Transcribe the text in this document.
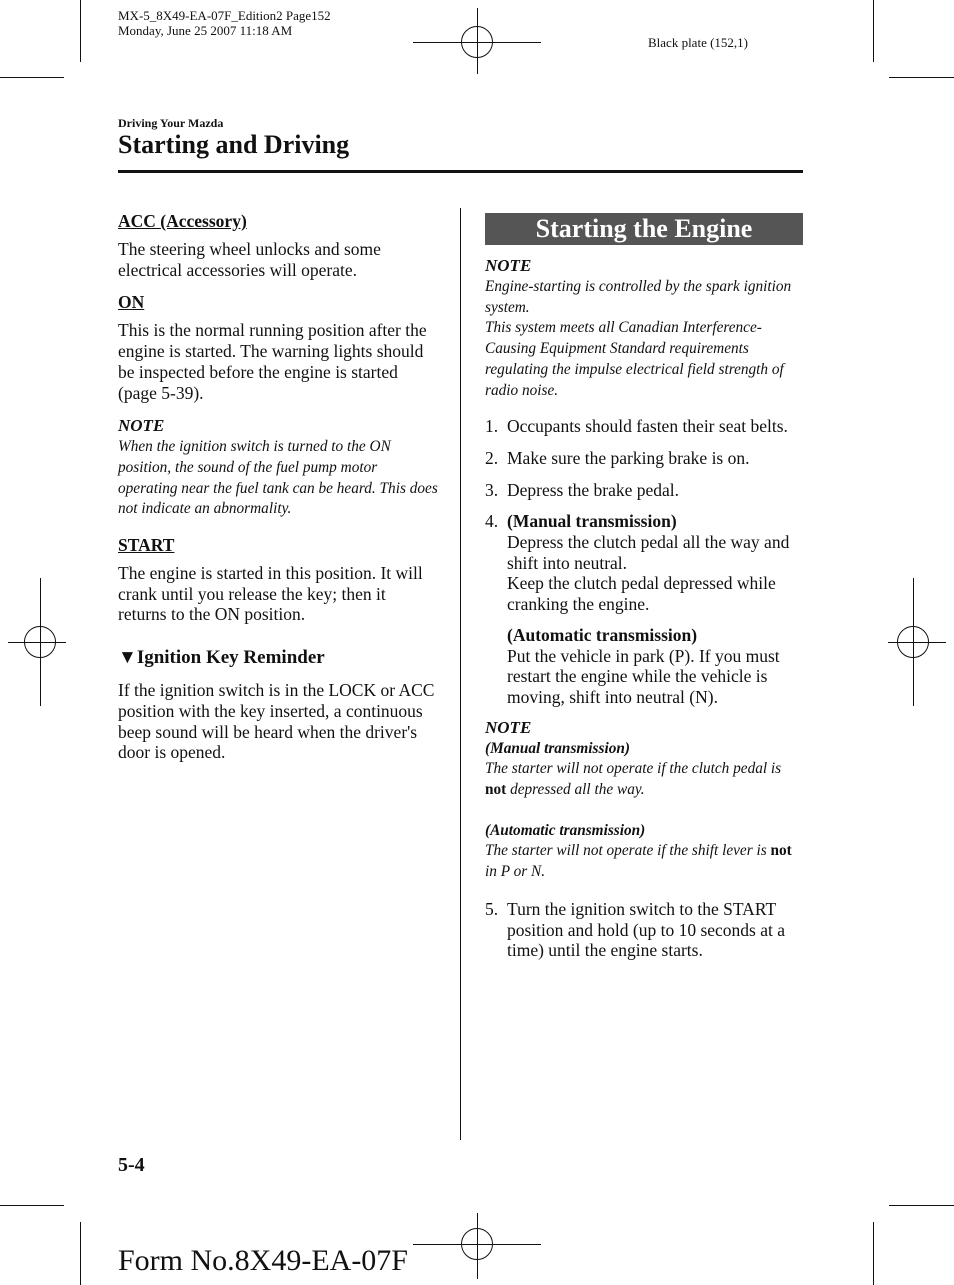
MX-5_8X49-EA-07F_Edition2 Page152
Monday, June 25 2007 11:18 AM
Black plate (152,1)
Driving Your Mazda
Starting and Driving
ACC (Accessory)
The steering wheel unlocks and some electrical accessories will operate.
ON
This is the normal running position after the engine is started. The warning lights should be inspected before the engine is started (page 5-39).
NOTE
When the ignition switch is turned to the ON position, the sound of the fuel pump motor operating near the fuel tank can be heard. This does not indicate an abnormality.
START
The engine is started in this position. It will crank until you release the key; then it returns to the ON position.
▼Ignition Key Reminder
If the ignition switch is in the LOCK or ACC position with the key inserted, a continuous beep sound will be heard when the driver's door is opened.
Starting the Engine
NOTE
Engine-starting is controlled by the spark ignition system.
This system meets all Canadian Interference-Causing Equipment Standard requirements regulating the impulse electrical field strength of radio noise.
1. Occupants should fasten their seat belts.
2. Make sure the parking brake is on.
3. Depress the brake pedal.
4. (Manual transmission)
Depress the clutch pedal all the way and shift into neutral.
Keep the clutch pedal depressed while cranking the engine.
(Automatic transmission)
Put the vehicle in park (P). If you must restart the engine while the vehicle is moving, shift into neutral (N).
NOTE
(Manual transmission)
The starter will not operate if the clutch pedal is not depressed all the way.
(Automatic transmission)
The starter will not operate if the shift lever is not in P or N.
5. Turn the ignition switch to the START position and hold (up to 10 seconds at a time) until the engine starts.
5-4
Form No.8X49-EA-07F
